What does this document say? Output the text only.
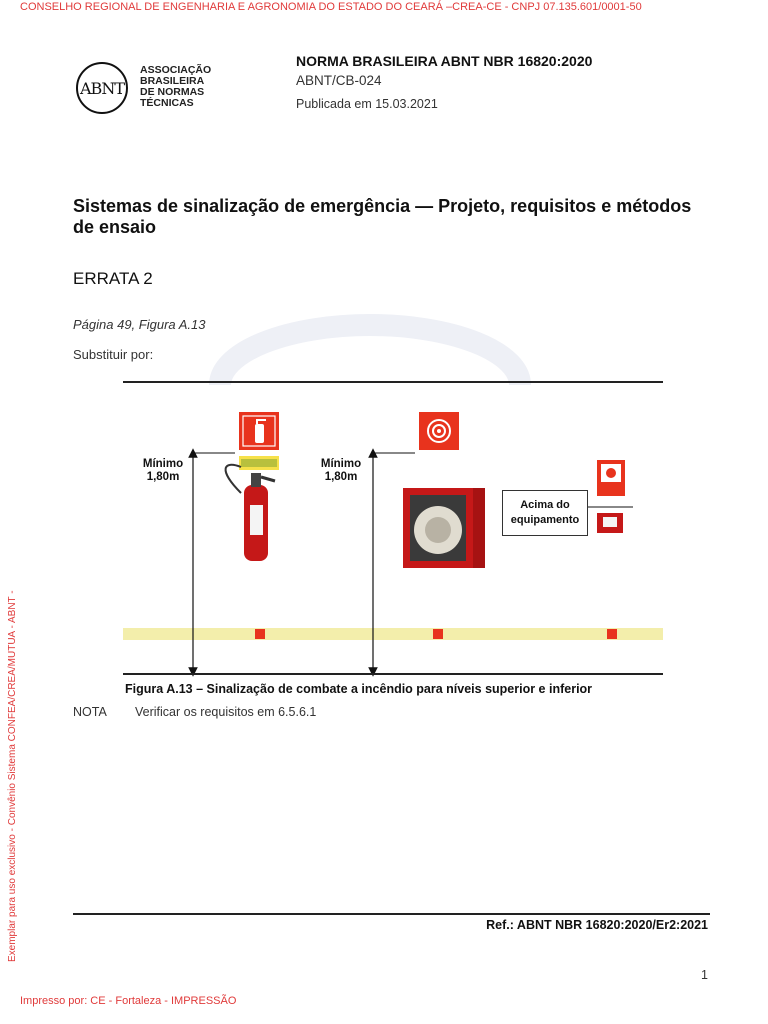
CONSELHO REGIONAL DE ENGENHARIA E AGRONOMIA DO ESTADO DO CEARÁ –CREA-CE - CNPJ 07.135.601/0001-50
Exemplar para uso exclusivo - Convênio Sistema CONFEA/CREA/MUTUA - ABNT -
ABNT
ASSOCIAÇÃO
BRASILEIRA
DE NORMAS
TÉCNICAS
NORMA BRASILEIRA ABNT NBR 16820:2020
ABNT/CB-024
Publicada em 15.03.2021
Sistemas de sinalização de emergência — Projeto, requisitos e métodos de ensaio
ERRATA 2
Página 49, Figura A.13
Substituir por:
Mínimo
1,80m
Mínimo
1,80m
Acima do equipamento
Figura A.13 – Sinalização de combate a incêndio para níveis superior e inferior
NOTA Verificar os requisitos em 6.5.6.1
Ref.: ABNT NBR 16820:2020/Er2:2021
1
Impresso por: CE - Fortaleza - IMPRESSÃO
